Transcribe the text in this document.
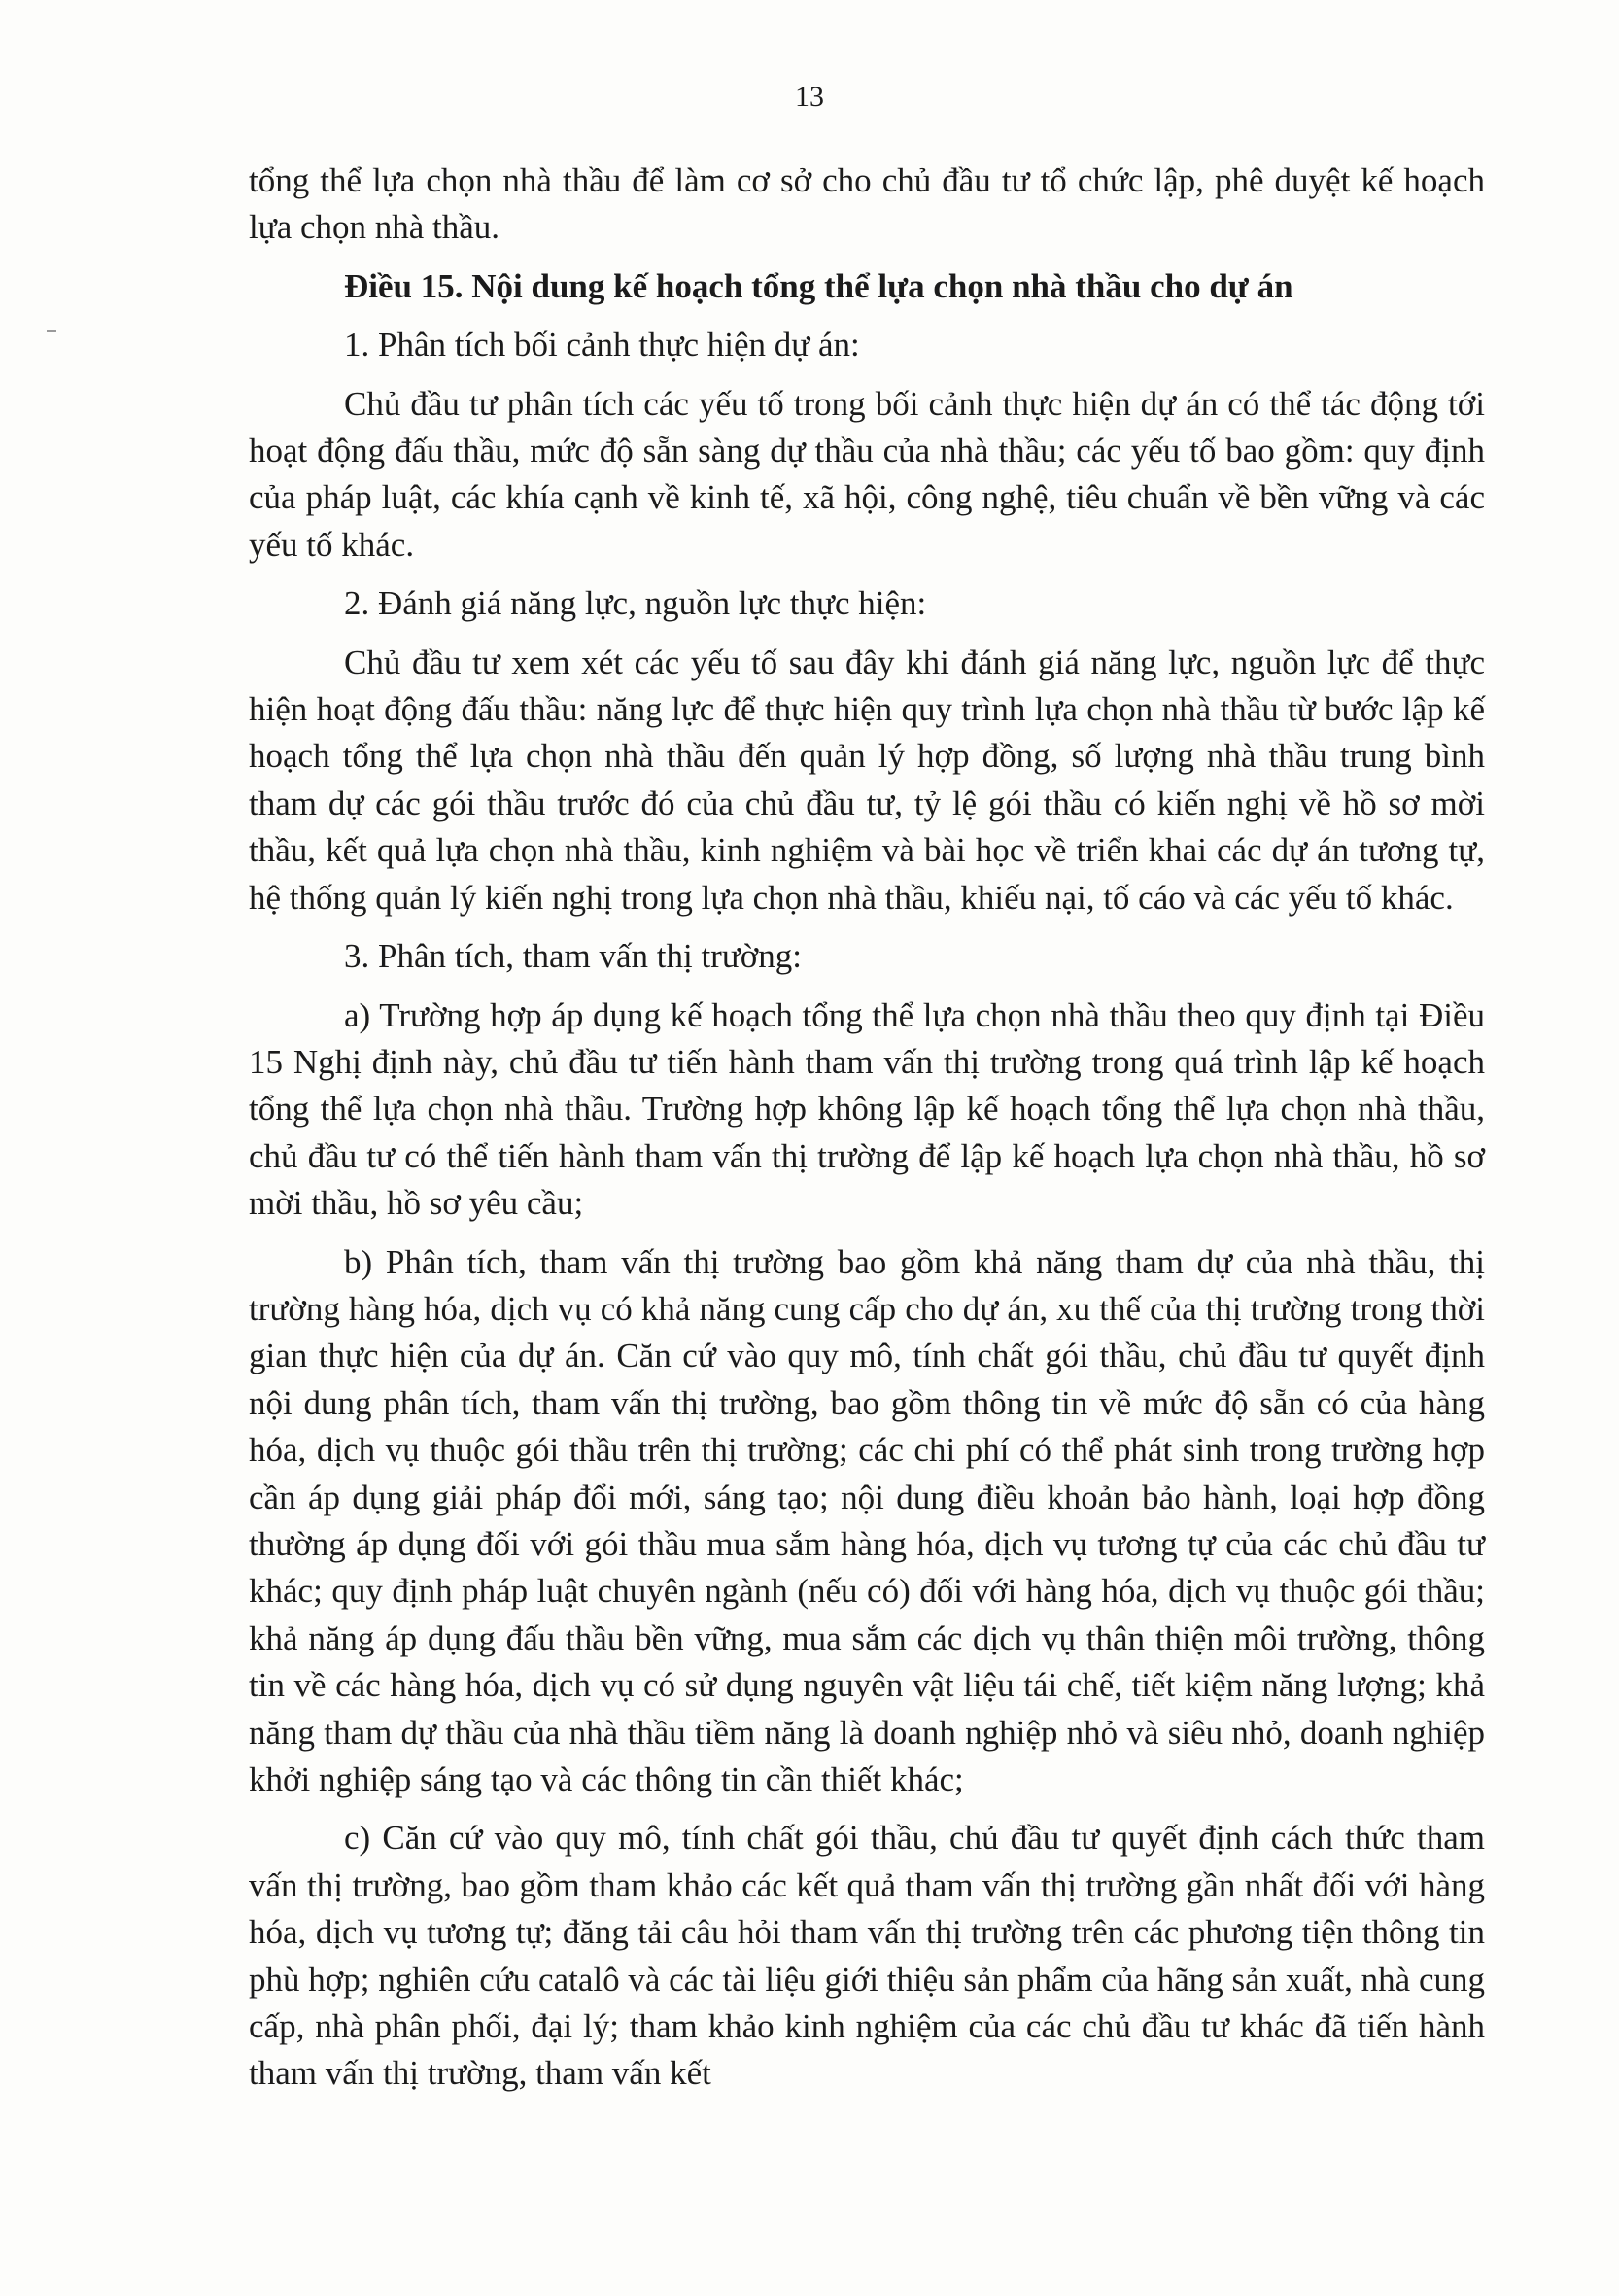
13

tổng thể lựa chọn nhà thầu để làm cơ sở cho chủ đầu tư tổ chức lập, phê duyệt kế hoạch lựa chọn nhà thầu.

Điều 15. Nội dung kế hoạch tổng thể lựa chọn nhà thầu cho dự án

1. Phân tích bối cảnh thực hiện dự án:

Chủ đầu tư phân tích các yếu tố trong bối cảnh thực hiện dự án có thể tác động tới hoạt động đấu thầu, mức độ sẵn sàng dự thầu của nhà thầu; các yếu tố bao gồm: quy định của pháp luật, các khía cạnh về kinh tế, xã hội, công nghệ, tiêu chuẩn về bền vững và các yếu tố khác.

2. Đánh giá năng lực, nguồn lực thực hiện:

Chủ đầu tư xem xét các yếu tố sau đây khi đánh giá năng lực, nguồn lực để thực hiện hoạt động đấu thầu: năng lực để thực hiện quy trình lựa chọn nhà thầu từ bước lập kế hoạch tổng thể lựa chọn nhà thầu đến quản lý hợp đồng, số lượng nhà thầu trung bình tham dự các gói thầu trước đó của chủ đầu tư, tỷ lệ gói thầu có kiến nghị về hồ sơ mời thầu, kết quả lựa chọn nhà thầu, kinh nghiệm và bài học về triển khai các dự án tương tự, hệ thống quản lý kiến nghị trong lựa chọn nhà thầu, khiếu nại, tố cáo và các yếu tố khác.

3. Phân tích, tham vấn thị trường:

a) Trường hợp áp dụng kế hoạch tổng thể lựa chọn nhà thầu theo quy định tại Điều 15 Nghị định này, chủ đầu tư tiến hành tham vấn thị trường trong quá trình lập kế hoạch tổng thể lựa chọn nhà thầu. Trường hợp không lập kế hoạch tổng thể lựa chọn nhà thầu, chủ đầu tư có thể tiến hành tham vấn thị trường để lập kế hoạch lựa chọn nhà thầu, hồ sơ mời thầu, hồ sơ yêu cầu;

b) Phân tích, tham vấn thị trường bao gồm khả năng tham dự của nhà thầu, thị trường hàng hóa, dịch vụ có khả năng cung cấp cho dự án, xu thế của thị trường trong thời gian thực hiện của dự án. Căn cứ vào quy mô, tính chất gói thầu, chủ đầu tư quyết định nội dung phân tích, tham vấn thị trường, bao gồm thông tin về mức độ sẵn có của hàng hóa, dịch vụ thuộc gói thầu trên thị trường; các chi phí có thể phát sinh trong trường hợp cần áp dụng giải pháp đổi mới, sáng tạo; nội dung điều khoản bảo hành, loại hợp đồng thường áp dụng đối với gói thầu mua sắm hàng hóa, dịch vụ tương tự của các chủ đầu tư khác; quy định pháp luật chuyên ngành (nếu có) đối với hàng hóa, dịch vụ thuộc gói thầu; khả năng áp dụng đấu thầu bền vững, mua sắm các dịch vụ thân thiện môi trường, thông tin về các hàng hóa, dịch vụ có sử dụng nguyên vật liệu tái chế, tiết kiệm năng lượng; khả năng tham dự thầu của nhà thầu tiềm năng là doanh nghiệp nhỏ và siêu nhỏ, doanh nghiệp khởi nghiệp sáng tạo và các thông tin cần thiết khác;

c) Căn cứ vào quy mô, tính chất gói thầu, chủ đầu tư quyết định cách thức tham vấn thị trường, bao gồm tham khảo các kết quả tham vấn thị trường gần nhất đối với hàng hóa, dịch vụ tương tự; đăng tải câu hỏi tham vấn thị trường trên các phương tiện thông tin phù hợp; nghiên cứu catalô và các tài liệu giới thiệu sản phẩm của hãng sản xuất, nhà cung cấp, nhà phân phối, đại lý; tham khảo kinh nghiệm của các chủ đầu tư khác đã tiến hành tham vấn thị trường, tham vấn kết
